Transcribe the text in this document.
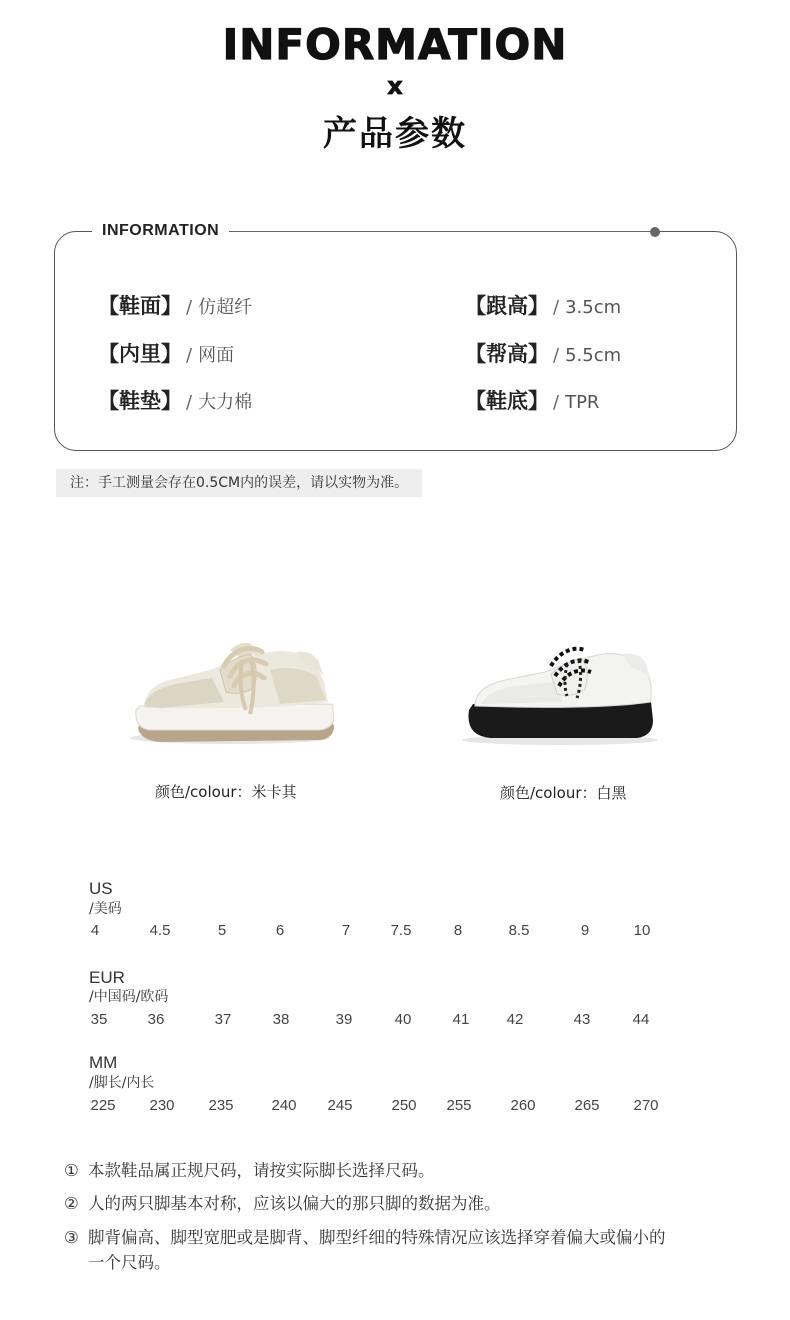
INFORMATION
x
产品参数
INFORMATION
【鞋面】 / 仿超纤
【内里】 / 网面
【鞋垫】 / 大力棉
【跟高】 / 3.5cm
【帮高】 / 5.5cm
【鞋底】 / TPR
注：手工测量会存在0.5CM内的误差，请以实物为准。
颜色/colour：米卡其	颜色/colour：白黑
US
/美码
4	4.5	5	6	7	7.5	8	8.5	9	10
EUR
/中国码/欧码
35	36	37	38	39	40	41	42	43	44
MM
/脚长/内长
225	230	235	240	245	250	255	260	265	270
① 本款鞋品属正规尺码，请按实际脚长选择尺码。
② 人的两只脚基本对称，应该以偏大的那只脚的数据为准。
③ 脚背偏高、脚型宽肥或是脚背、脚型纤细的特殊情况应该选择穿着偏大或偏小的
一个尺码。
